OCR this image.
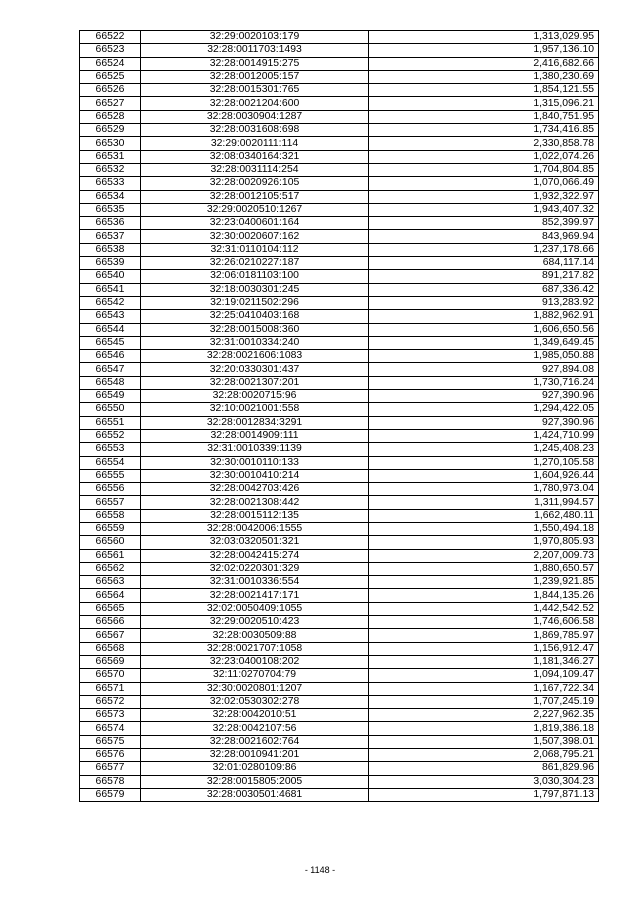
66522	32:29:0020103:179	1,313,029.95
66523	32:28:0011703:1493	1,957,136.10
66524	32:28:0014915:275	2,416,682.66
66525	32:28:0012005:157	1,380,230.69
66526	32:28:0015301:765	1,854,121.55
66527	32:28:0021204:600	1,315,096.21
66528	32:28:0030904:1287	1,840,751.95
66529	32:28:0031608:698	1,734,416.85
66530	32:29:0020111:114	2,330,858.78
66531	32:08:0340164:321	1,022,074.26
66532	32:28:0031114:254	1,704,804.85
66533	32:28:0020926:105	1,070,066.49
66534	32:28:0012105:517	1,932,322.97
66535	32:29:0020510:1267	1,943,407.32
66536	32:23:0400601:164	852,399.97
66537	32:30:0020607:162	843,969.94
66538	32:31:0110104:112	1,237,178.66
66539	32:26:0210227:187	684,117.14
66540	32:06:0181103:100	891,217.82
66541	32:18:0030301:245	687,336.42
66542	32:19:0211502:296	913,283.92
66543	32:25:0410403:168	1,882,962.91
66544	32:28:0015008:360	1,606,650.56
66545	32:31:0010334:240	1,349,649.45
66546	32:28:0021606:1083	1,985,050.88
66547	32:20:0330301:437	927,894.08
66548	32:28:0021307:201	1,730,716.24
66549	32:28:0020715:96	927,390.96
66550	32:10:0021001:558	1,294,422.05
66551	32:28:0012834:3291	927,390.96
66552	32:28:0014909:111	1,424,710.99
66553	32:31:0010339:1139	1,245,408.23
66554	32:30:0010110:133	1,270,105.58
66555	32:30:0010410:214	1,604,926.44
66556	32:28:0042703:426	1,780,973.04
66557	32:28:0021308:442	1,311,994.57
66558	32:28:0015112:135	1,662,480.11
66559	32:28:0042006:1555	1,550,494.18
66560	32:03:0320501:321	1,970,805.93
66561	32:28:0042415:274	2,207,009.73
66562	32:02:0220301:329	1,880,650.57
66563	32:31:0010336:554	1,239,921.85
66564	32:28:0021417:171	1,844,135.26
66565	32:02:0050409:1055	1,442,542.52
66566	32:29:0020510:423	1,746,606.58
66567	32:28:0030509:88	1,869,785.97
66568	32:28:0021707:1058	1,156,912.47
66569	32:23:0400108:202	1,181,346.27
66570	32:11:0270704:79	1,094,109.47
66571	32:30:0020801:1207	1,167,722.34
66572	32:02:0530302:278	1,707,245.19
66573	32:28:0042010:51	2,227,962.35
66574	32:28:0042107:56	1,819,386.18
66575	32:28:0021602:764	1,507,398.01
66576	32:28:0010941:201	2,068,795.21
66577	32:01:0280109:86	861,829.96
66578	32:28:0015805:2005	3,030,304.23
66579	32:28:0030501:4681	1,797,871.13
- 1148 -
